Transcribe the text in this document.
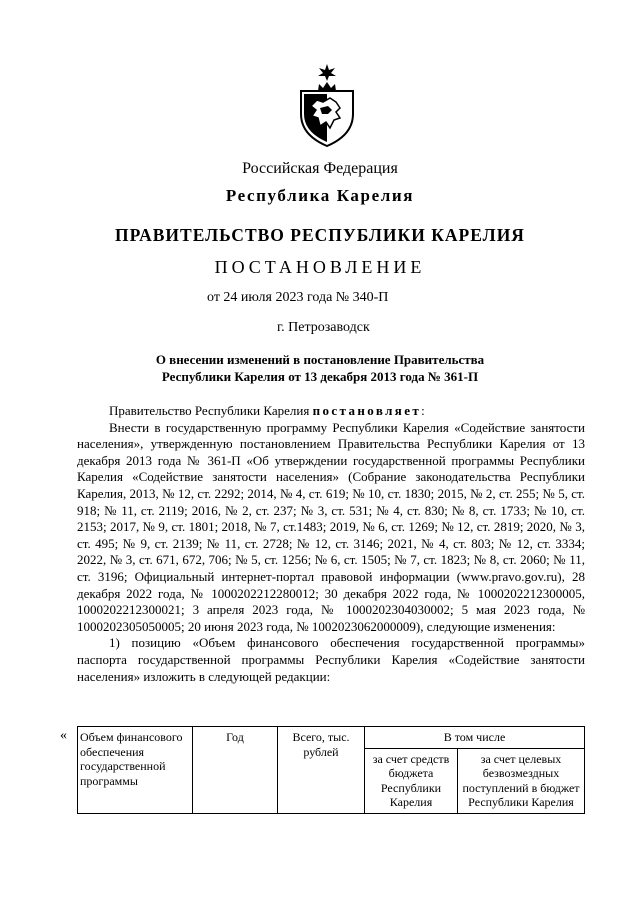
Российская Федерация
Республика Карелия
ПРАВИТЕЛЬСТВО РЕСПУБЛИКИ КАРЕЛИЯ
ПОСТАНОВЛЕНИЕ
от 24 июля 2023 года № 340-П
г. Петрозаводск
О внесении изменений в постановление Правительства
Республики Карелия от 13 декабря 2013 года № 361-П

Правительство Республики Карелия постановляет:

Внести в государственную программу Республики Карелия «Содействие занятости населения», утвержденную постановлением Правительства Республики Карелия от 13 декабря 2013 года № 361-П «Об утверждении государственной программы Республики Карелия «Содействие занятости населения» (Собрание законодательства Республики Карелия, 2013, № 12, ст. 2292; 2014, № 4, ст. 619; № 10, ст. 1830; 2015, № 2, ст. 255; № 5, ст. 918; № 11, ст. 2119; 2016, № 2, ст. 237; № 3, ст. 531; № 4, ст. 830; № 8, ст. 1733; № 10, ст. 2153; 2017, № 9, ст. 1801; 2018, № 7, ст.1483; 2019, № 6, ст. 1269; № 12, ст. 2819; 2020, № 3, ст. 495; № 9, ст. 2139; № 11, ст. 2728; № 12, ст. 3146; 2021, № 4, ст. 803; № 12, ст. 3334; 2022, № 3, ст. 671, 672, 706; № 5, ст. 1256; № 6, ст. 1505; № 7, ст. 1823; № 8, ст. 2060; № 11, ст. 3196; Официальный интернет-портал правовой информации (www.pravo.gov.ru), 28 декабря 2022 года, № 1000202212280012; 30 декабря 2022 года, № 1000202212300005, 1000202212300021; 3 апреля 2023 года, № 1000202304030002; 5 мая 2023 года, № 1000202305050005; 20 июня 2023 года, № 1002023062000009), следующие изменения:

1) позицию «Объем финансового обеспечения государственной программы» паспорта государственной программы Республики Карелия «Содействие занятости населения» изложить в следующей редакции:

« Объем финансового обеспечения государственной программы	Год	Всего, тыс. рублей	В том числе	
			за счет средств бюджета Республики Карелия	за счет целевых безвозмездных поступлений в бюджет Республики Карелия
